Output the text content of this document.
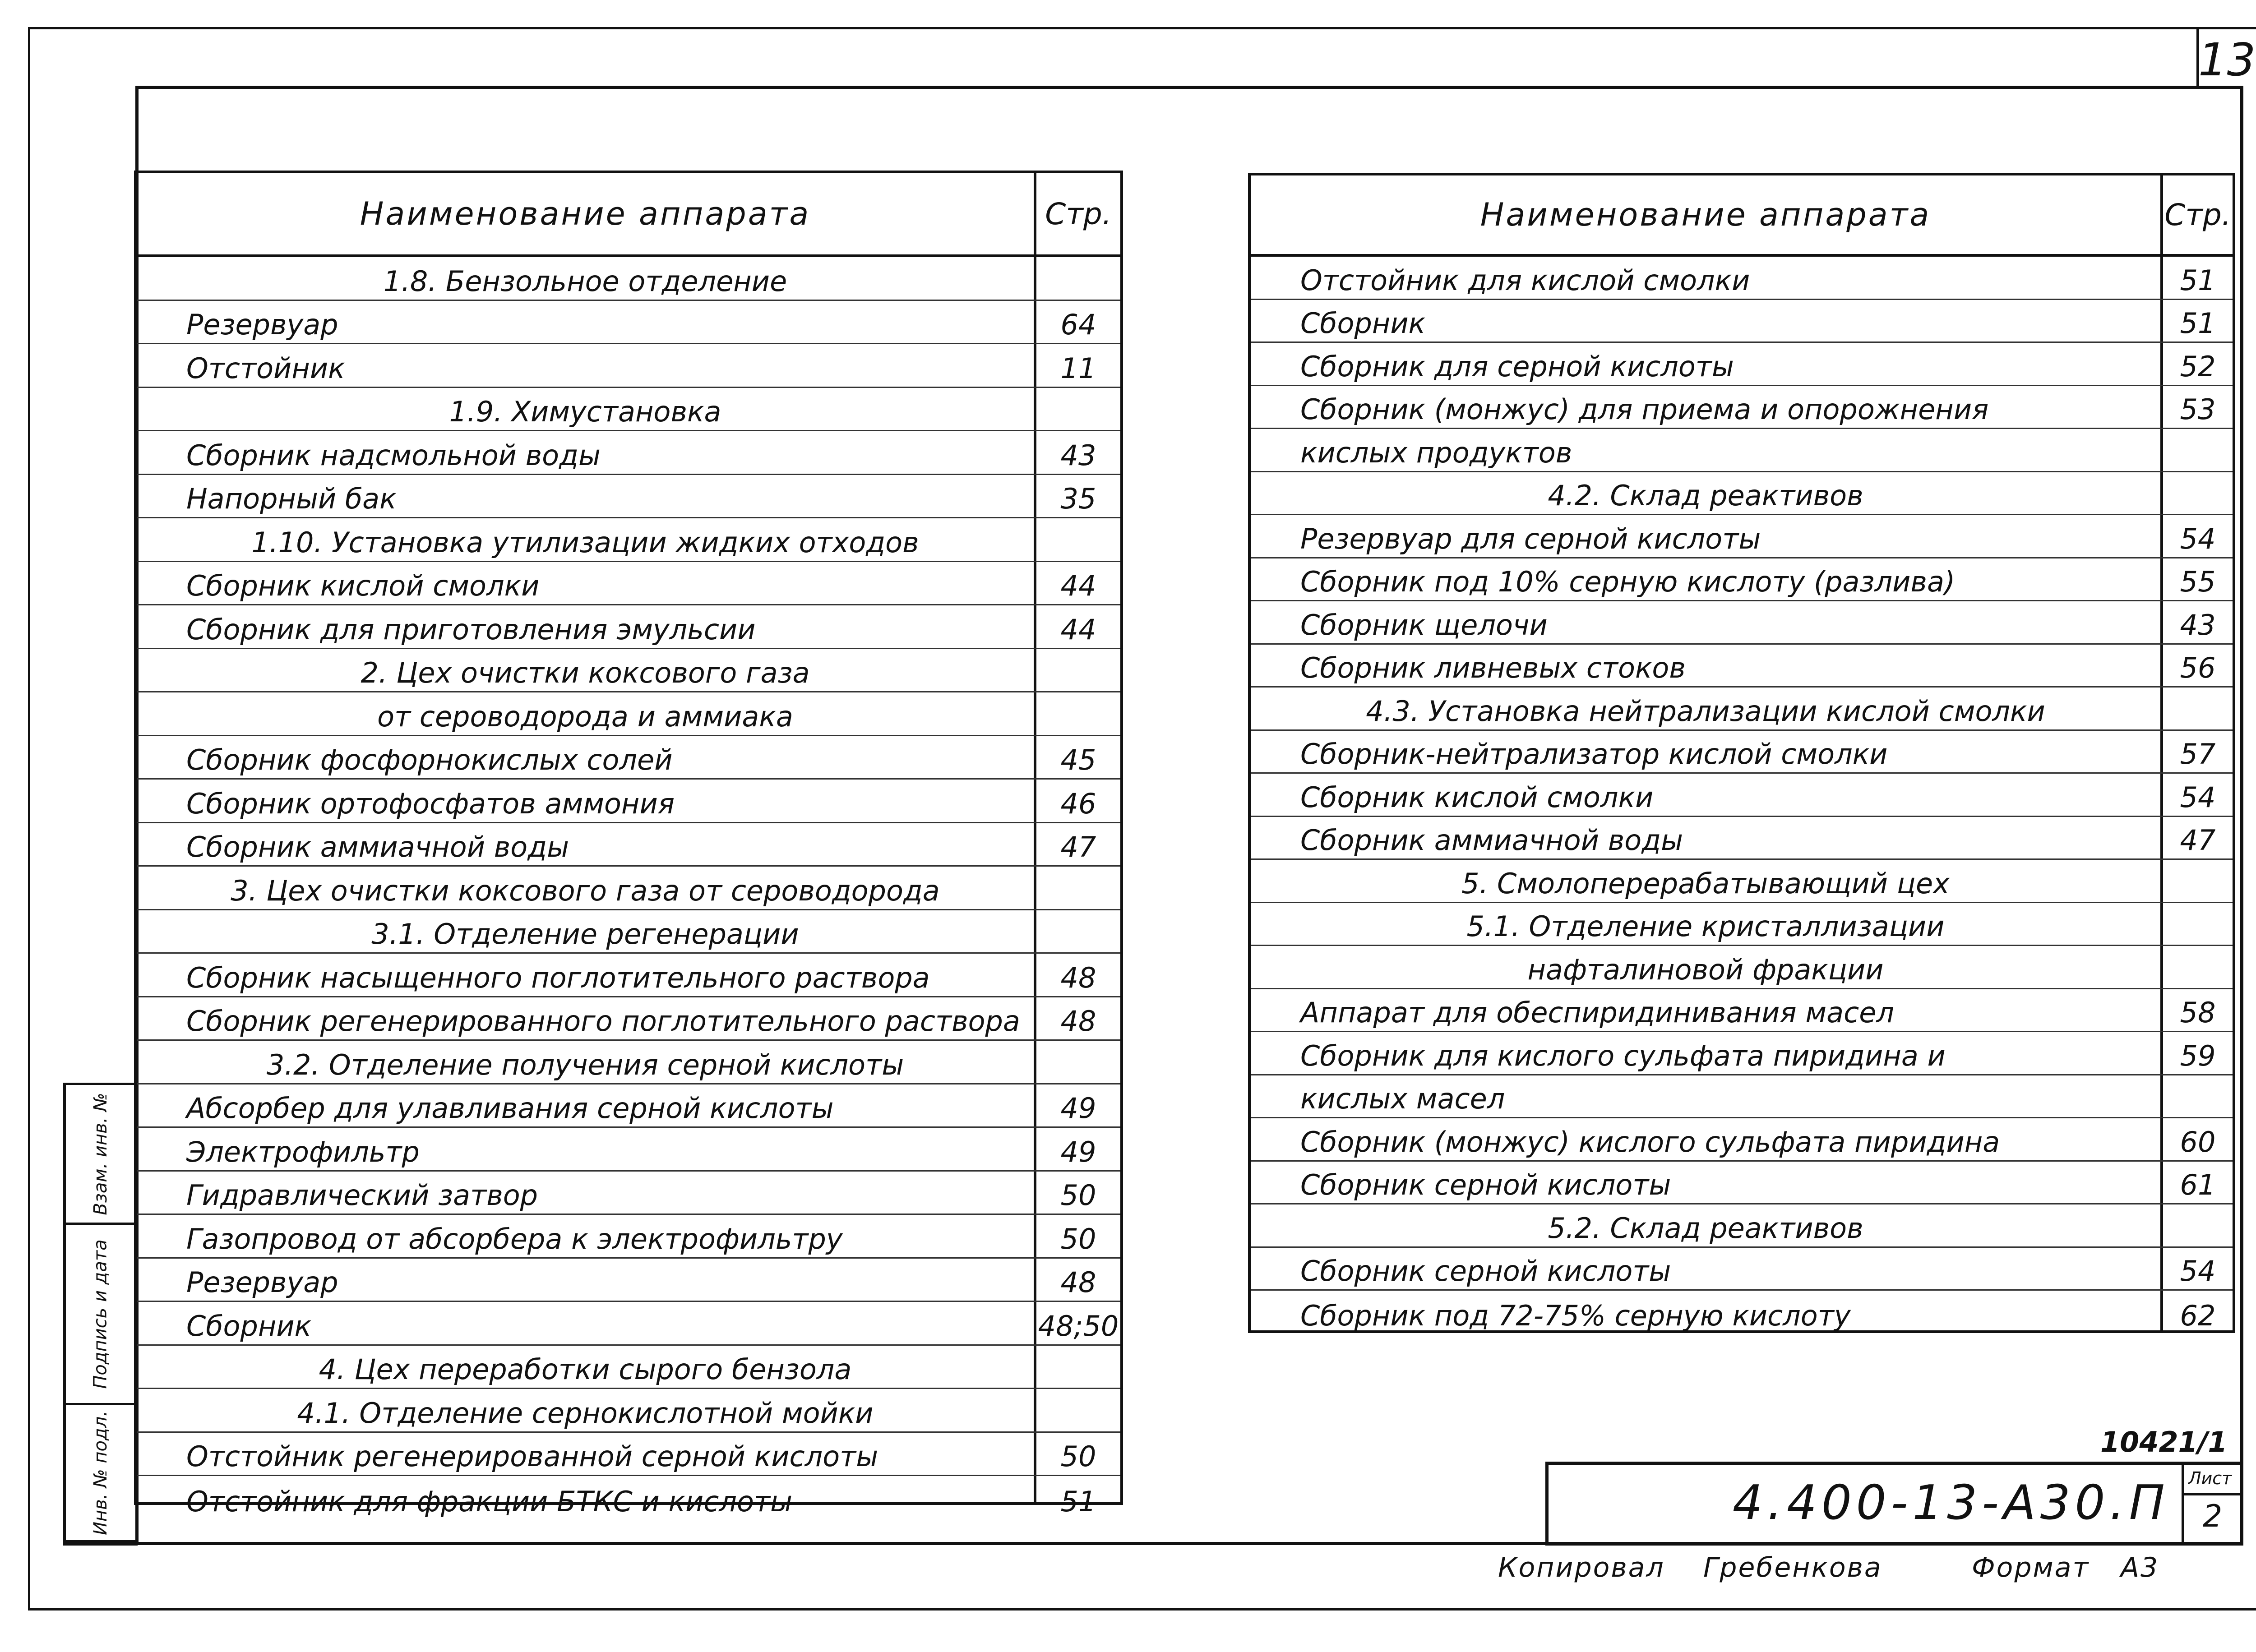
13
Взам. инв. №
Подпись и дата
Инв. № подл.
Наименование аппарата	Стр.
1.8. Бензольное отделение
Резервуар	64
Отстойник	11
1.9. Химустановка
Сборник надсмольной воды	43
Напорный бак	35
1.10. Установка утилизации жидких отходов
Сборник кислой смолки	44
Сборник для приготовления эмульсии	44
2. Цех очистки коксового газа
от сероводорода и аммиака
Сборник фосфорнокислых солей	45
Сборник ортофосфатов аммония	46
Сборник аммиачной воды	47
3. Цех очистки коксового газа от сероводорода
3.1. Отделение регенерации
Сборник насыщенного поглотительного раствора	48
Сборник регенерированного поглотительного раствора	48
3.2. Отделение получения серной кислоты
Абсорбер для улавливания серной кислоты	49
Электрофильтр	49
Гидравлический затвор	50
Газопровод от абсорбера к электрофильтру	50
Резервуар	48
Сборник	48;50
4. Цех переработки сырого бензола
4.1. Отделение сернокислотной мойки
Отстойник регенерированной серной кислоты	50
Отстойник для фракции БТКС и кислоты	51
Наименование аппарата	Стр.
Отстойник для кислой смолки	51
Сборник	51
Сборник для серной кислоты	52
Сборник (монжус) для приема и опорожнения	53
кислых продуктов
4.2. Склад реактивов
Резервуар для серной кислоты	54
Сборник под 10% серную кислоту (разлива)	55
Сборник щелочи	43
Сборник ливневых стоков	56
4.3. Установка нейтрализации кислой смолки
Сборник-нейтрализатор кислой смолки	57
Сборник кислой смолки	54
Сборник аммиачной воды	47
5. Смолоперерабатывающий цех
5.1. Отделение кристаллизации
нафталиновой фракции
Аппарат для обеспиридинивания масел	58
Сборник для кислого сульфата пиридина и	59
кислых масел
Сборник (монжус) кислого сульфата пиридина	60
Сборник серной кислоты	61
5.2. Склад реактивов
Сборник серной кислоты	54
Сборник под 72-75% серную кислоту	62
10421/1
4.400-13-А30.П Лист
2
Копировал Гребенкова	Формат А3
